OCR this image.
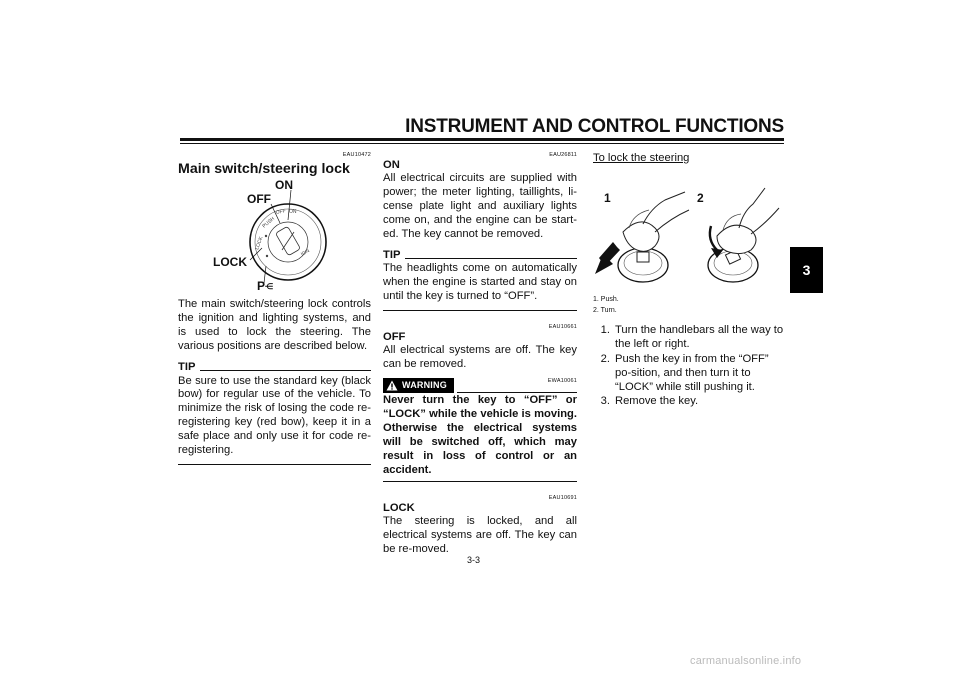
INSTRUMENT AND CONTROL FUNCTIONS
3
EAU10472
Main switch/steering lock
PUSH
OFF ON
IGN
LOCK
ON
OFF
LOCK
P⋲

The main switch/steering lock controls the ignition and lighting systems, and is used to lock the steering. The various positions are described below.

TIP

Be sure to use the standard key (black bow) for regular use of the vehicle. To minimize the risk of losing the code re-registering key (red bow), keep it in a safe place and only use it for code re-registering.

EAU26811
ON

All electrical circuits are supplied with power; the meter lighting, taillights, li-cense plate light and auxiliary lights come on, and the engine can be start-ed. The key cannot be removed.

TIP

The headlights come on automatically when the engine is started and stay on until the key is turned to “OFF”.

EAU10661
OFF

All electrical systems are off. The key can be removed.

WARNING	EWA10061
Never turn the key to “OFF” or “LOCK” while the vehicle is moving. Otherwise the electrical systems will be switched off, which may result in loss of control or an accident.
EAU10691
LOCK

The steering is locked, and all electrical systems are off. The key can be re-moved.

To lock the steering
1	2
1. Push.
2. Turn.
1. Turn the handlebars all the way to the left or right.
2. Push the key in from the “OFF” po-sition, and then turn it to “LOCK” while still pushing it.
3. Remove the key.
3-3
carmanualsonline.info
